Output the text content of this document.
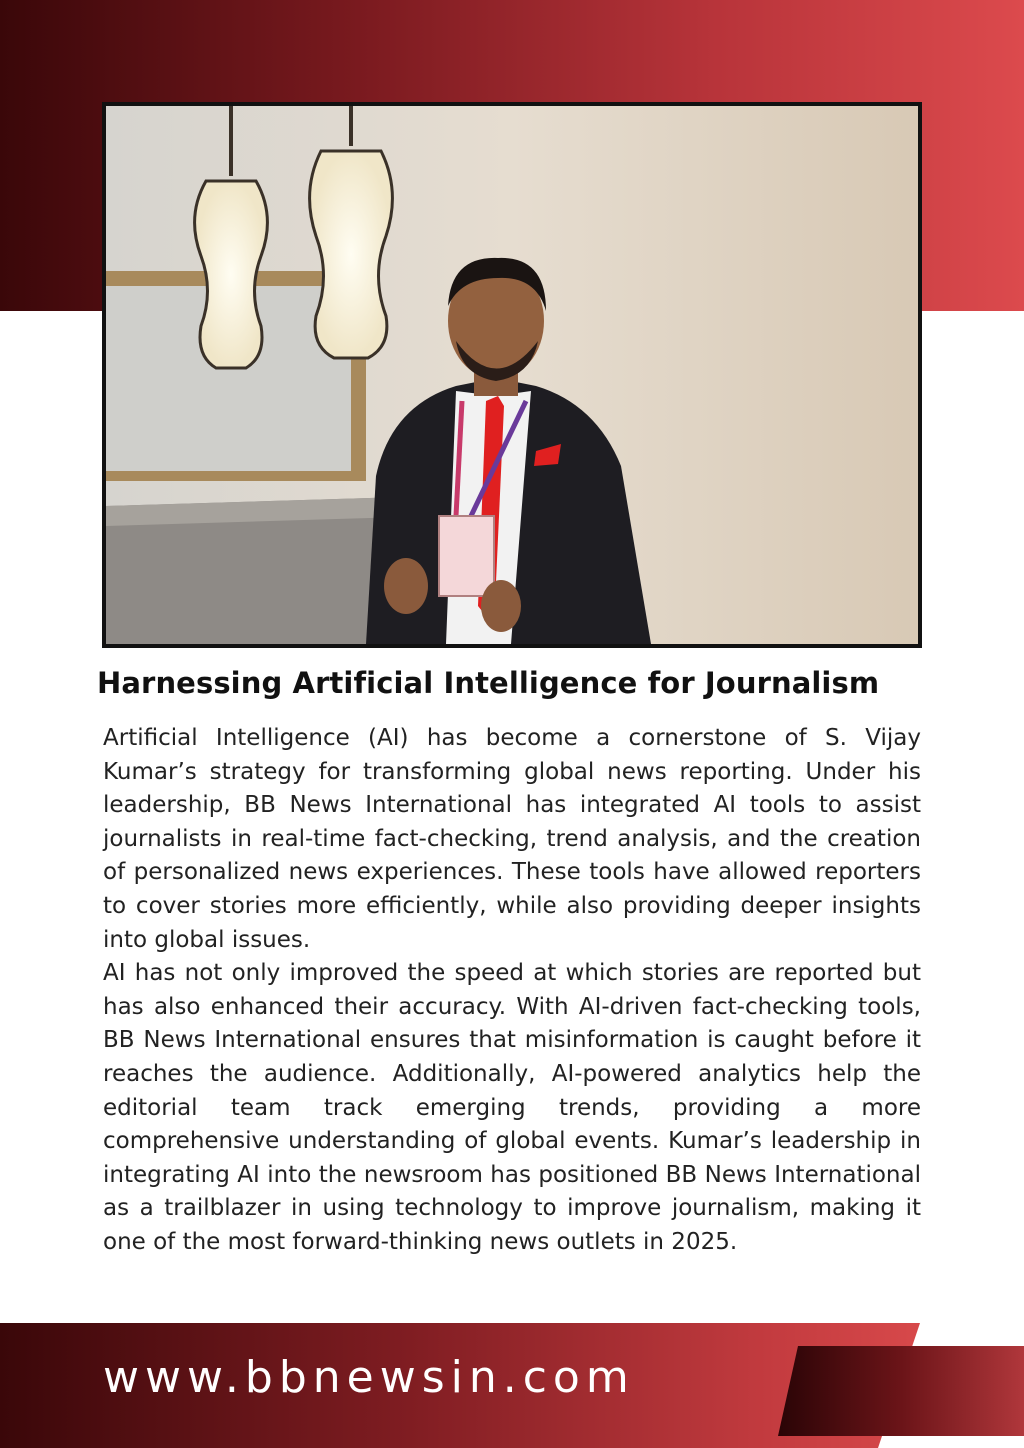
Harnessing Artificial Intelligence for Journalism

Artificial Intelligence (AI) has become a cornerstone of S. Vijay Kumar’s strategy for transforming global news reporting. Under his leadership, BB News International has integrated AI tools to assist journalists in real-time fact-checking, trend analysis, and the creation of personalized news experiences. These tools have allowed reporters to cover stories more efficiently, while also providing deeper insights into global issues.

AI has not only improved the speed at which stories are reported but has also enhanced their accuracy. With AI-driven fact-checking tools, BB News International ensures that misinformation is caught before it reaches the audience. Additionally, AI-powered analytics help the editorial team track emerging trends, providing a more comprehensive understanding of global events. Kumar’s leadership in integrating AI into the newsroom has positioned BB News International as a trailblazer in using technology to improve journalism, making it one of the most forward-thinking news outlets in 2025.

www.bbnewsin.com
